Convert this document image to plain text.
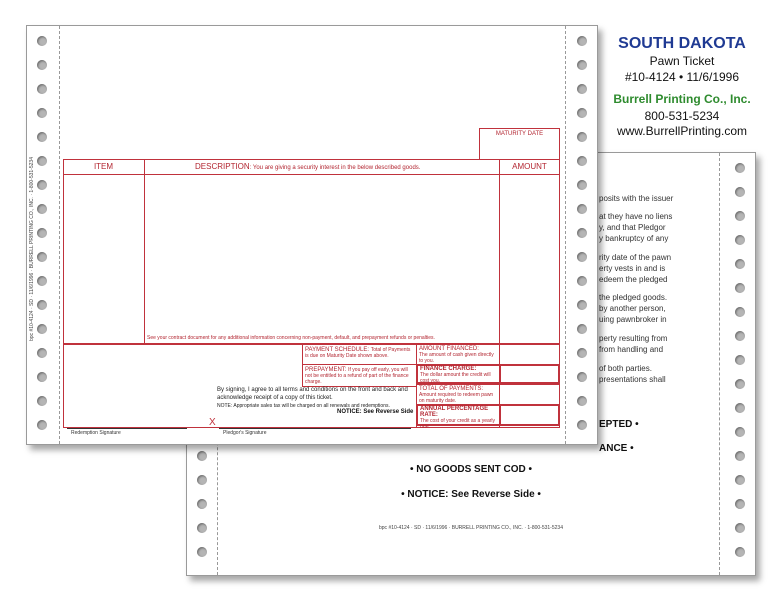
posits with the issuer
at they have no liens
y, and that Pledgor
y bankruptcy of any
rity date of the pawn
erty vests in and is
edeem the pledged
the pledged goods.
by another person,
uing pawnbroker in
perty resulting from
from handling and
of both parties.
presentations shall
EPTED •
ANCE •
• NO GOODS SENT COD •
• NOTICE: See Reverse Side •
bpc #10-4124 · SD · 11/6/1996 · BURRELL PRINTING CO., INC. · 1-800-531-5234
bpc #10-4124 · SD · 11/6/1996 · BURRELL PRINTING CO., INC. · 1-800-531-5234
MATURITY DATE
ITEM	DESCRIPTION: You are giving a security interest in the below described goods.	AMOUNT
See your contract document for any additional information concerning non-payment, default, and prepayment refunds or penalties.
PAYMENT SCHEDULE: Total of Payments is due on Maturity Date shown above.
PREPAYMENT: If you pay off early, you will not be entitled to a refund of part of the finance charge.
AMOUNT FINANCED:
The amount of cash given directly to you.
FINANCE CHARGE:
The dollar amount the credit will cost you.
TOTAL OF PAYMENTS:
Amount required to redeem pawn on maturity date.
ANNUAL PERCENTAGE RATE:
The cost of your credit as a yearly rate.
By signing, I agree to all terms and conditions on the front and back and
acknowledge receipt of a copy of this ticket.
NOTE: Appropriate sales tax will be charged on all renewals and redemptions.
NOTICE: See Reverse Side
X
Redemption Signature	Pledgor's Signature
SOUTH DAKOTA
Pawn Ticket
#10-4124 • 11/6/1996
Burrell Printing Co., Inc.
800-531-5234
www.BurrellPrinting.com
